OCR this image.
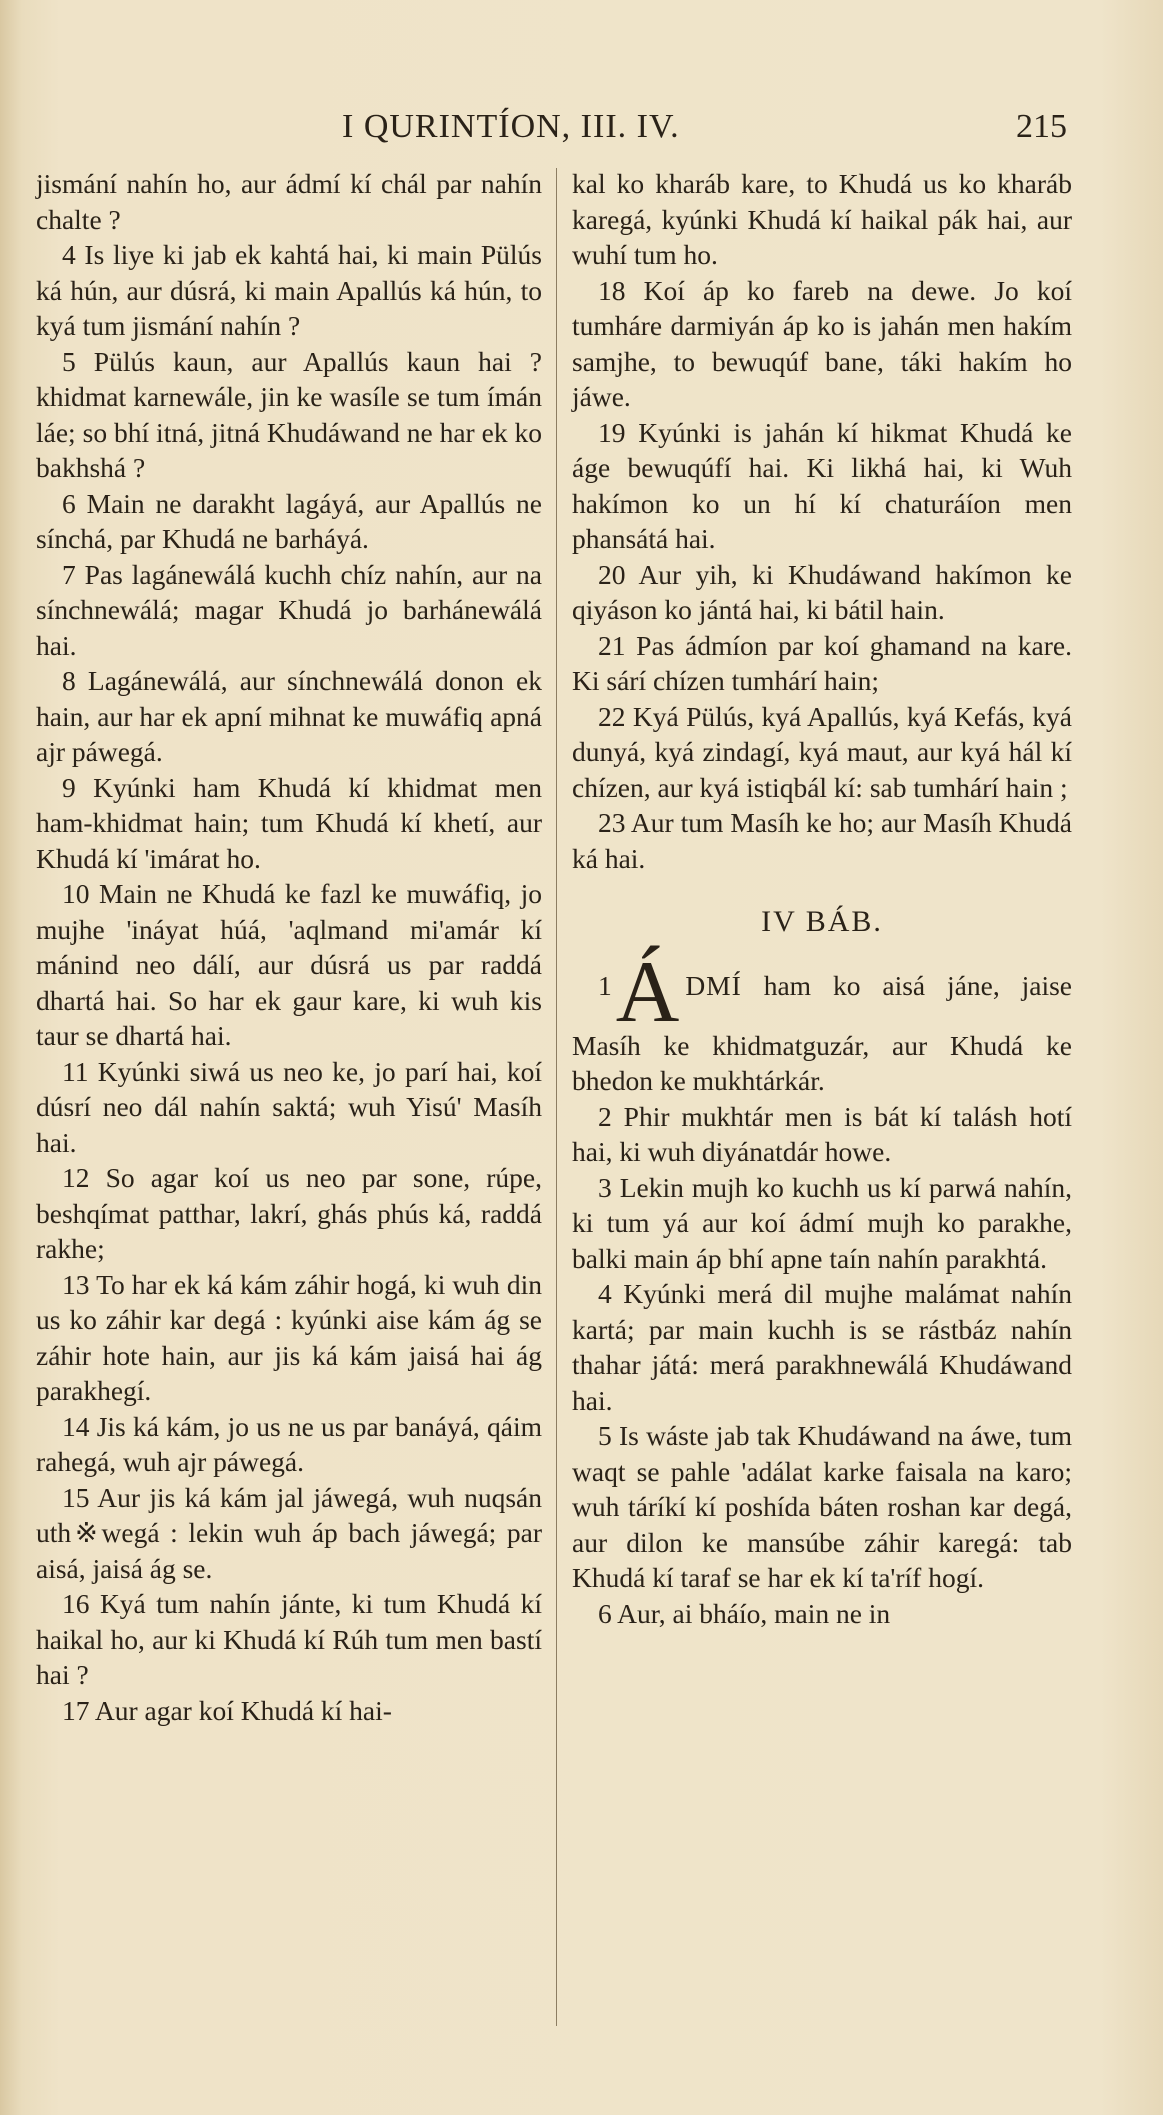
I QURINTÍON, III. IV.	215

jismání nahín ho, aur ádmí kí chál par nahín chalte ?

4 Is liye ki jab ek kahtá hai, ki main Pülús ká hún, aur dúsrá, ki main Apallús ká hún, to kyá tum jismání nahín ?

5 Pülús kaun, aur Apallús kaun hai ? khidmat karnewále, jin ke wasíle se tum ímán láe; so bhí itná, jitná Khudáwand ne har ek ko bakhshá ?

6 Main ne darakht lagáyá, aur Apallús ne sínchá, par Khudá ne barháyá.

7 Pas lagánewálá kuchh chíz nahín, aur na sínchnewálá; magar Khudá jo barhánewálá hai.

8 Lagánewálá, aur sínchnewálá donon ek hain, aur har ek apní mihnat ke muwáfiq apná ajr páwegá.

9 Kyúnki ham Khudá kí khidmat men ham-khidmat hain; tum Khudá kí khetí, aur Khudá kí 'imárat ho.

10 Main ne Khudá ke fazl ke muwáfiq, jo mujhe 'ináyat húá, 'aqlmand mi'amár kí mánind neo dálí, aur dúsrá us par raddá dhartá hai. So har ek gaur kare, ki wuh kis taur se dhartá hai.

11 Kyúnki siwá us neo ke, jo parí hai, koí dúsrí neo dál nahín saktá; wuh Yisú' Masíh hai.

12 So agar koí us neo par sone, rúpe, beshqímat patthar, lakrí, ghás phús ká, raddá rakhe;

13 To har ek ká kám záhir hogá, ki wuh din us ko záhir kar degá : kyúnki aise kám ág se záhir hote hain, aur jis ká kám jaisá hai ág parakhegí.

14 Jis ká kám, jo us ne us par banáyá, qáim rahegá, wuh ajr páwegá.

15 Aur jis ká kám jal jáwegá, wuh nuqsán uth※wegá : lekin wuh áp bach jáwegá; par aisá, jaisá ág se.

16 Kyá tum nahín jánte, ki tum Khudá kí haikal ho, aur ki Khudá kí Rúh tum men bastí hai ?

17 Aur agar koí Khudá kí hai-

kal ko kharáb kare, to Khudá us ko kharáb karegá, kyúnki Khudá kí haikal pák hai, aur wuhí tum ho.

18 Koí áp ko fareb na dewe. Jo koí tumháre darmiyán áp ko is jahán men hakím samjhe, to bewuqúf bane, táki hakím ho jáwe.

19 Kyúnki is jahán kí hikmat Khudá ke áge bewuqúfí hai. Ki likhá hai, ki Wuh hakímon ko un hí kí chaturáíon men phansátá hai.

20 Aur yih, ki Khudáwand hakímon ke qiyáson ko jántá hai, ki bátil hain.

21 Pas ádmíon par koí ghamand na kare. Ki sárí chízen tumhárí hain;

22 Kyá Pülús, kyá Apallús, kyá Kefás, kyá dunyá, kyá zindagí, kyá maut, aur kyá hál kí chízen, aur kyá istiqbál kí: sab tumhárí hain ;

23 Aur tum Masíh ke ho; aur Masíh Khudá ká hai.

IV BÁB.

1Á DMÍ ham ko aisá jáne, jaise Masíh ke khidmatguzár, aur Khudá ke bhedon ke mukhtárkár.

2 Phir mukhtár men is bát kí talásh hotí hai, ki wuh diyánatdár howe.

3 Lekin mujh ko kuchh us kí parwá nahín, ki tum yá aur koí ádmí mujh ko parakhe, balki main áp bhí apne taín nahín parakhtá.

4 Kyúnki merá dil mujhe malámat nahín kartá; par main kuchh is se rástbáz nahín thahar játá: merá parakhnewálá Khudáwand hai.

5 Is wáste jab tak Khudáwand na áwe, tum waqt se pahle 'adálat karke faisala na karo; wuh táríkí kí poshída báten roshan kar degá, aur dilon ke mansúbe záhir karegá: tab Khudá kí taraf se har ek kí ta'ríf hogí.

6 Aur, ai bháío, main ne in
